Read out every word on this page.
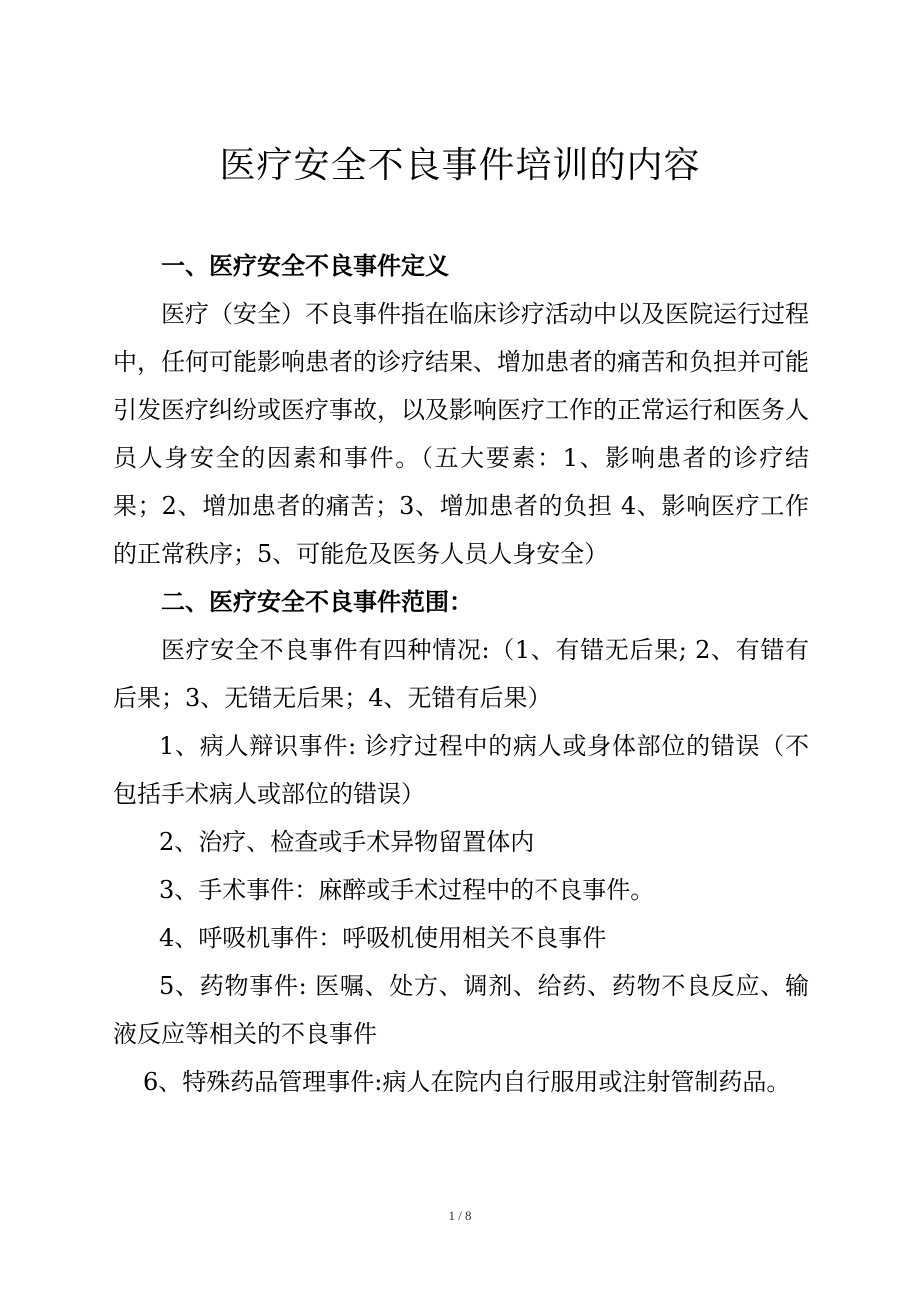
医疗安全不良事件培训的内容

一、医疗安全不良事件定义

医疗（安全）不良事件指在临床诊疗活动中以及医院运行过程中，任何可能影响患者的诊疗结果、增加患者的痛苦和负担并可能引发医疗纠纷或医疗事故，以及影响医疗工作的正常运行和医务人员人身安全的因素和事件。（五大要素：1、影响患者的诊疗结果；2、增加患者的痛苦；3、增加患者的负担 4、影响医疗工作的正常秩序；5、可能危及医务人员人身安全）

二、医疗安全不良事件范围：

医疗安全不良事件有四种情况:（1、有错无后果; 2、有错有后果；3、无错无后果；4、无错有后果）

1、病人辩识事件: 诊疗过程中的病人或身体部位的错误（不包括手术病人或部位的错误）

2、治疗、检查或手术异物留置体内

3、手术事件：麻醉或手术过程中的不良事件。

4、呼吸机事件：呼吸机使用相关不良事件

5、药物事件: 医嘱、处方、调剂、给药、药物不良反应、输液反应等相关的不良事件

6、特殊药品管理事件:病人在院内自行服用或注射管制药品。

1 / 8
